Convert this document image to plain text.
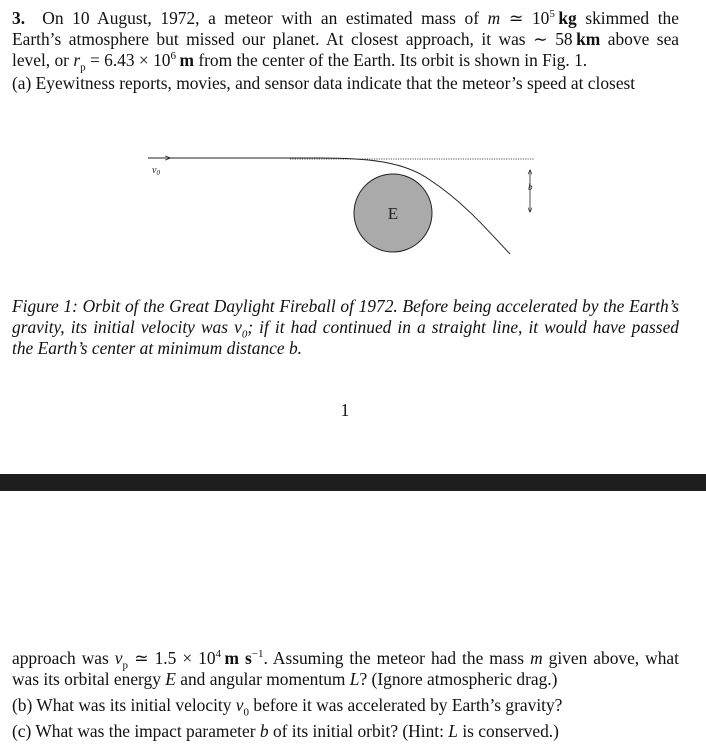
3. On 10 August, 1972, a meteor with an estimated mass of m ≃ $10^5$  kg skimmed the
Earth’s atmosphere but missed our planet. At closest approach, it was ∼ 58  km above sea
level, or $r_p = 6.43 \times 10^6$  m from the center of the Earth. Its orbit is shown in Fig. 1.
(a) Eyewitness reports, movies, and sensor data indicate that the meteor’s speed at closest
$v_0$
E
b
Figure 1: Orbit of the Great Daylight Fireball of 1972. Before being accelerated by the Earth’s
gravity, its initial velocity was $v_0$; if it had continued in a straight line, it would have passed
the Earth’s center at minimum distance b.
1
approach was $v_p$ ≃ $1.5 \times 10^4$  m $s^{-1}$. Assuming the meteor had the mass m given above, what
was its orbital energy E and angular momentum L? (Ignore atmospheric drag.)
(b) What was its initial velocity $v_0$ before it was accelerated by Earth’s gravity?
(c) What was the impact parameter b of its initial orbit? (Hint: L is conserved.)
